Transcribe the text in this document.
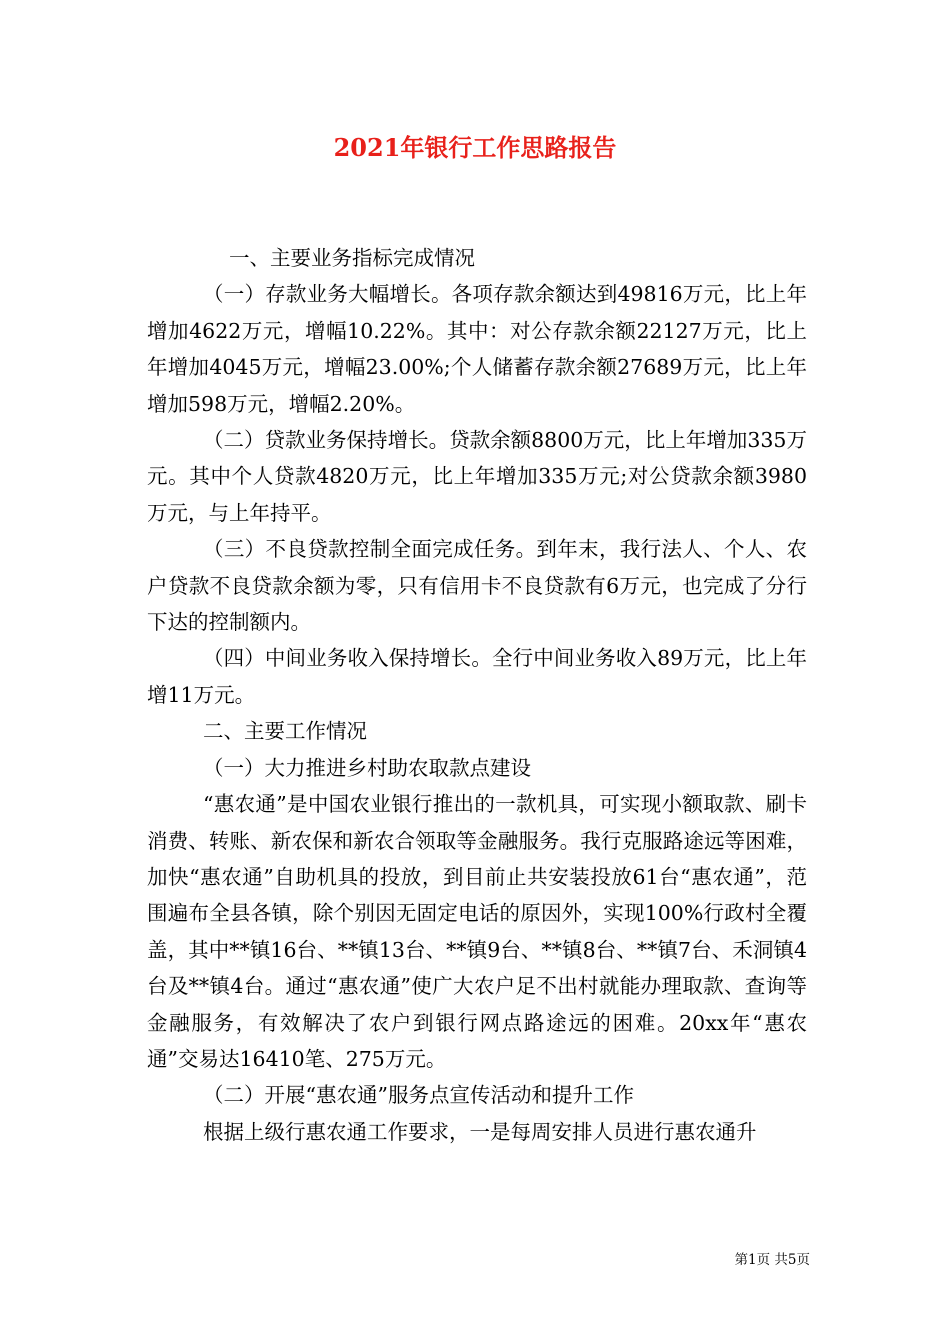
2021年银行工作思路报告

一、主要业务指标完成情况

（一）存款业务大幅增长。各项存款余额达到49816万元，比上年增加4622万元，增幅10.22%。其中：对公存款余额22127万元，比上年增加4045万元，增幅23.00%;个人储蓄存款余额27689万元，比上年增加598万元，增幅2.20%。

（二）贷款业务保持增长。贷款余额8800万元，比上年增加335万元。其中个人贷款4820万元，比上年增加335万元;对公贷款余额3980万元，与上年持平。

（三）不良贷款控制全面完成任务。到年末，我行法人、个人、农户贷款不良贷款余额为零，只有信用卡不良贷款有6万元，也完成了分行下达的控制额内。

（四）中间业务收入保持增长。全行中间业务收入89万元，比上年增11万元。

二、主要工作情况

（一）大力推进乡村助农取款点建设

“惠农通”是中国农业银行推出的一款机具，可实现小额取款、刷卡消费、转账、新农保和新农合领取等金融服务。我行克服路途远等困难，加快“惠农通”自助机具的投放，到目前止共安装投放61台“惠农通”，范围遍布全县各镇，除个别因无固定电话的原因外，实现100%行政村全覆盖，其中**镇16台、**镇13台、**镇9台、**镇8台、**镇7台、禾洞镇4台及**镇4台。通过“惠农通”使广大农户足不出村就能办理取款、查询等金融服务，有效解决了农户到银行网点路途远的困难。20xx年“惠农通”交易达16410笔、275万元。

（二）开展“惠农通”服务点宣传活动和提升工作

根据上级行惠农通工作要求，一是每周安排人员进行惠农通升

第1页 共5页
